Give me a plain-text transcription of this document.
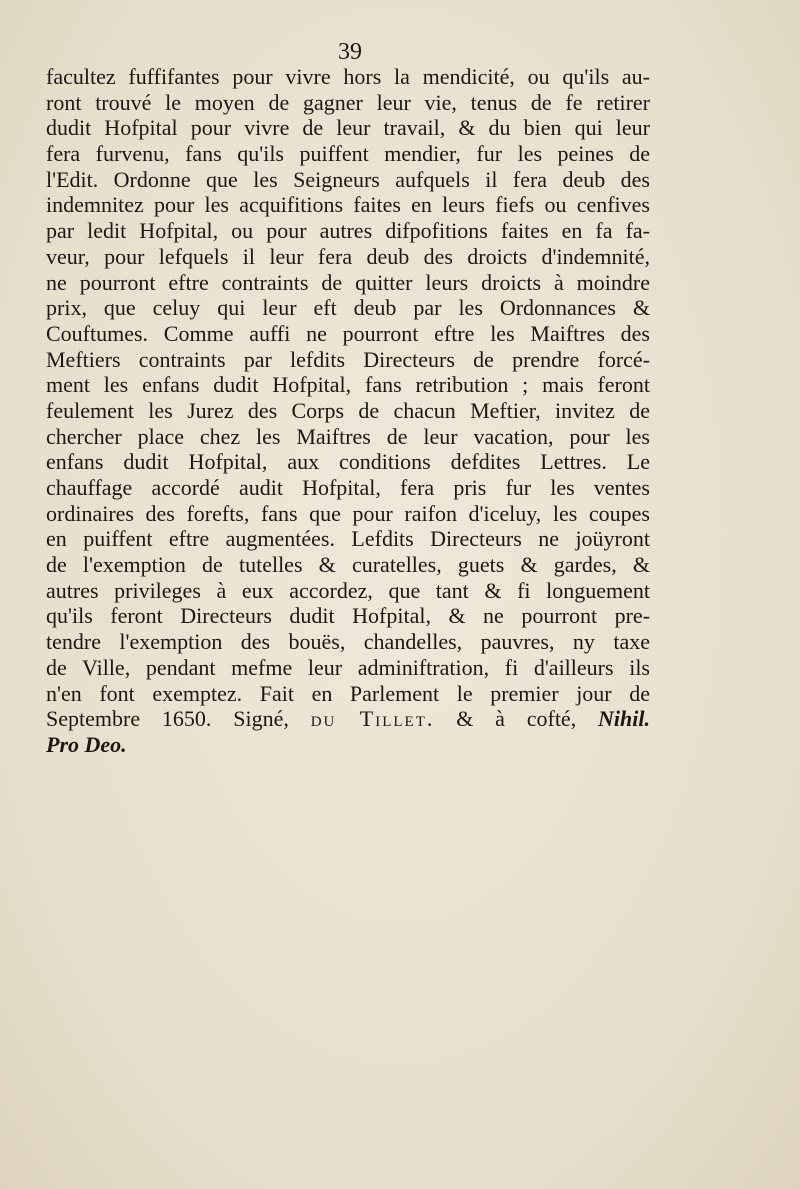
39
facultez fuffifantes pour vivre hors la mendicité, ou qu'ils au-
ront trouvé le moyen de gagner leur vie, tenus de fe retirer
dudit Hofpital pour vivre de leur travail, & du bien qui leur
fera furvenu, fans qu'ils puiffent mendier, fur les peines de
l'Edit. Ordonne que les Seigneurs aufquels il fera deub des
indemnitez pour les acquifitions faites en leurs fiefs ou cenfives
par ledit Hofpital, ou pour autres difpofitions faites en fa fa-
veur, pour lefquels il leur fera deub des droicts d'indemnité,
ne pourront eftre contraints de quitter leurs droicts à moindre
prix, que celuy qui leur eft deub par les Ordonnances &
Couftumes. Comme auffi ne pourront eftre les Maiftres des
Meftiers contraints par lefdits Directeurs de prendre forcé-
ment les enfans dudit Hofpital, fans retribution ; mais feront
feulement les Jurez des Corps de chacun Meftier, invitez de
chercher place chez les Maiftres de leur vacation, pour les
enfans dudit Hofpital, aux conditions defdites Lettres. Le
chauffage accordé audit Hofpital, fera pris fur les ventes
ordinaires des forefts, fans que pour raifon d'iceluy, les coupes
en puiffent eftre augmentées. Lefdits Directeurs ne joüyront
de l'exemption de tutelles & curatelles, guets & gardes, &
autres privileges à eux accordez, que tant & fi longuement
qu'ils feront Directeurs dudit Hofpital, & ne pourront pre-
tendre l'exemption des bouës, chandelles, pauvres, ny taxe
de Ville, pendant mefme leur adminiftration, fi d'ailleurs ils
n'en font exemptez. Fait en Parlement le premier jour de
Septembre 1650. Signé, du Tillet. & à cofté, Nihil.
Pro Deo.
